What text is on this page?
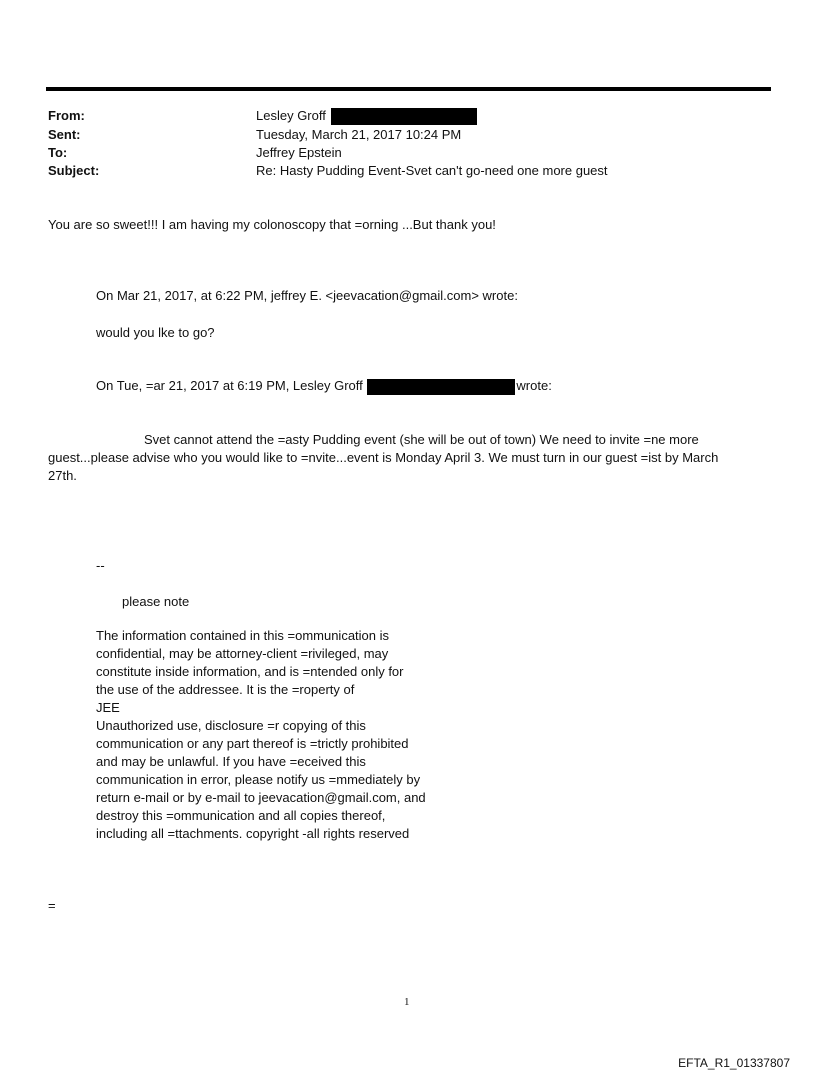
From:	Lesley Groff
Sent:	Tuesday, March 21, 2017 10:24 PM
To:	Jeffrey Epstein
Subject:	Re: Hasty Pudding Event-Svet can't go-need one more guest
You are so sweet!!! I am having my colonoscopy that =orning ...But thank you!
On Mar 21, 2017, at 6:22 PM, jeffrey E. <jeevacation@gmail.com> wrote:
would you lke to go?
On Tue, =ar 21, 2017 at 6:19 PM, Lesley Groff	wrote:
Svet cannot attend the =asty Pudding event (she will be out of town) We need to invite =ne more
guest...please advise who you would like to =nvite...event is Monday April 3. We must turn in our guest =ist by March
27th.
--
please note
The information contained in this =ommunication is
confidential, may be attorney-client =rivileged, may
constitute inside information, and is =ntended only for
the use of the addressee. It is the =roperty of
JEE
Unauthorized use, disclosure =r copying of this
communication or any part thereof is =trictly prohibited
and may be unlawful. If you have =eceived this
communication in error, please notify us =mmediately by
return e-mail or by e-mail to jeevacation@gmail.com, and
destroy this =ommunication and all copies thereof,
including all =ttachments. copyright -all rights reserved
=
1
EFTA_R1_01337807
